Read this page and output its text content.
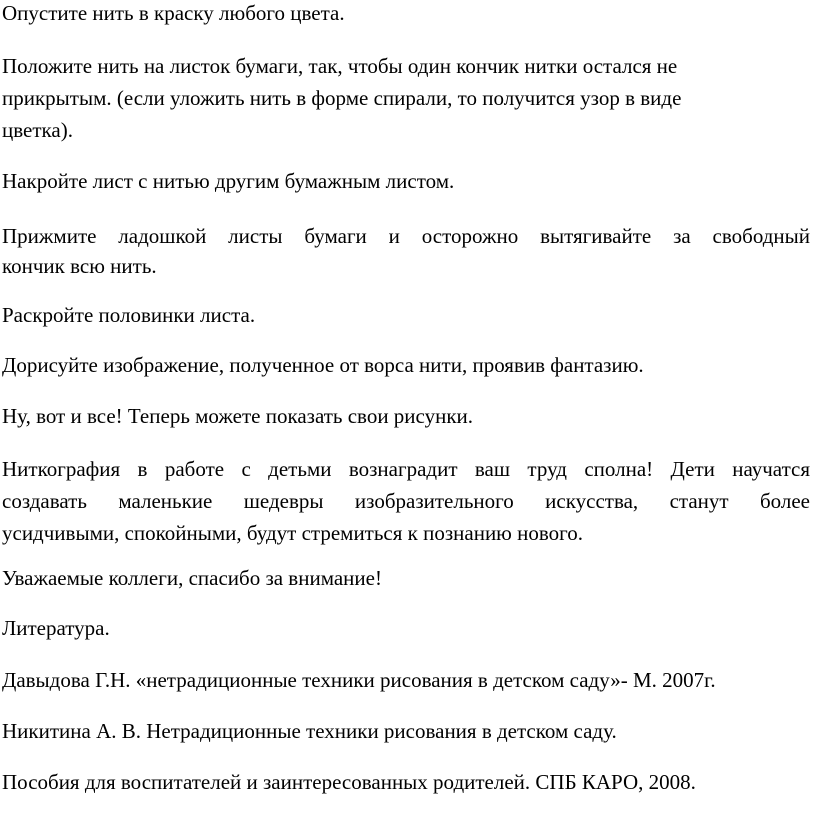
Опустите нить в краску любого цвета.

Положите нить на листок бумаги, так, чтобы один кончик нитки остался не
прикрытым. (если уложить нить в форме спирали, то получится узор в виде
цветка).

Накройте лист с нитью другим бумажным листом.

Прижмите ладошкой листы бумаги и осторожно вытягивайте за свободный
кончик всю нить.

Раскройте половинки листа.

Дорисуйте изображение, полученное от ворса нити, проявив фантазию.

Ну, вот и все! Теперь можете показать свои рисунки.

Ниткография в работе с детьми вознаградит ваш труд сполна! Дети научатся
создавать маленькие шедевры изобразительного искусства, станут более
усидчивыми, спокойными, будут стремиться к познанию нового.

Уважаемые коллеги, спасибо за внимание!

Литература.

Давыдова Г.Н. «нетрадиционные техники рисования в детском саду»- М. 2007г.

Никитина А. В. Нетрадиционные техники рисования в детском саду.

Пособия для воспитателей и заинтересованных родителей. СПБ КАРО, 2008.
